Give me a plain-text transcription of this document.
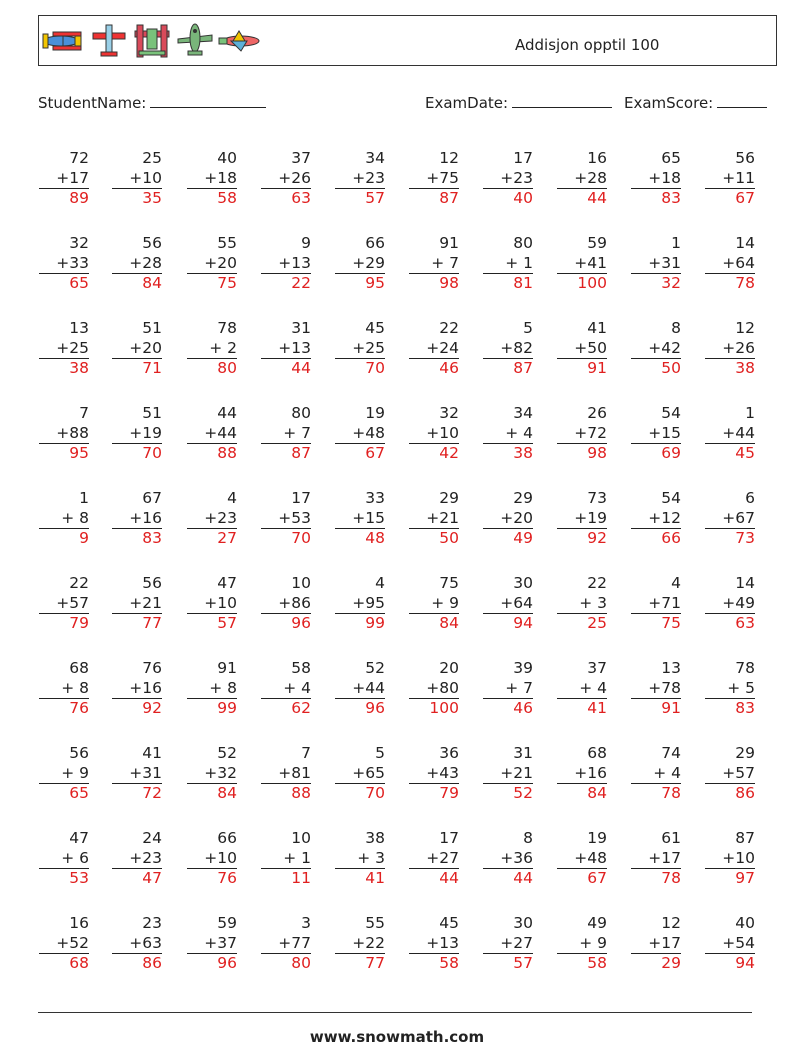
Addisjon opptil 100
StudentName:	ExamDate:	ExamScore:
72
+17
89
25
+10
35
40
+18
58
37
+26
63
34
+23
57
12
+75
87
17
+23
40
16
+28
44
65
+18
83
56
+11
67
32
+33
65
56
+28
84
55
+20
75
9
+13
22
66
+29
95
91
+ 7
98
80
+ 1
81
59
+41
100
1
+31
32
14
+64
78
13
+25
38
51
+20
71
78
+ 2
80
31
+13
44
45
+25
70
22
+24
46
5
+82
87
41
+50
91
8
+42
50
12
+26
38
7
+88
95
51
+19
70
44
+44
88
80
+ 7
87
19
+48
67
32
+10
42
34
+ 4
38
26
+72
98
54
+15
69
1
+44
45
1
+ 8
9
67
+16
83
4
+23
27
17
+53
70
33
+15
48
29
+21
50
29
+20
49
73
+19
92
54
+12
66
6
+67
73
22
+57
79
56
+21
77
47
+10
57
10
+86
96
4
+95
99
75
+ 9
84
30
+64
94
22
+ 3
25
4
+71
75
14
+49
63
68
+ 8
76
76
+16
92
91
+ 8
99
58
+ 4
62
52
+44
96
20
+80
100
39
+ 7
46
37
+ 4
41
13
+78
91
78
+ 5
83
56
+ 9
65
41
+31
72
52
+32
84
7
+81
88
5
+65
70
36
+43
79
31
+21
52
68
+16
84
74
+ 4
78
29
+57
86
47
+ 6
53
24
+23
47
66
+10
76
10
+ 1
11
38
+ 3
41
17
+27
44
8
+36
44
19
+48
67
61
+17
78
87
+10
97
16
+52
68
23
+63
86
59
+37
96
3
+77
80
55
+22
77
45
+13
58
30
+27
57
49
+ 9
58
12
+17
29
40
+54
94
www.snowmath.com
